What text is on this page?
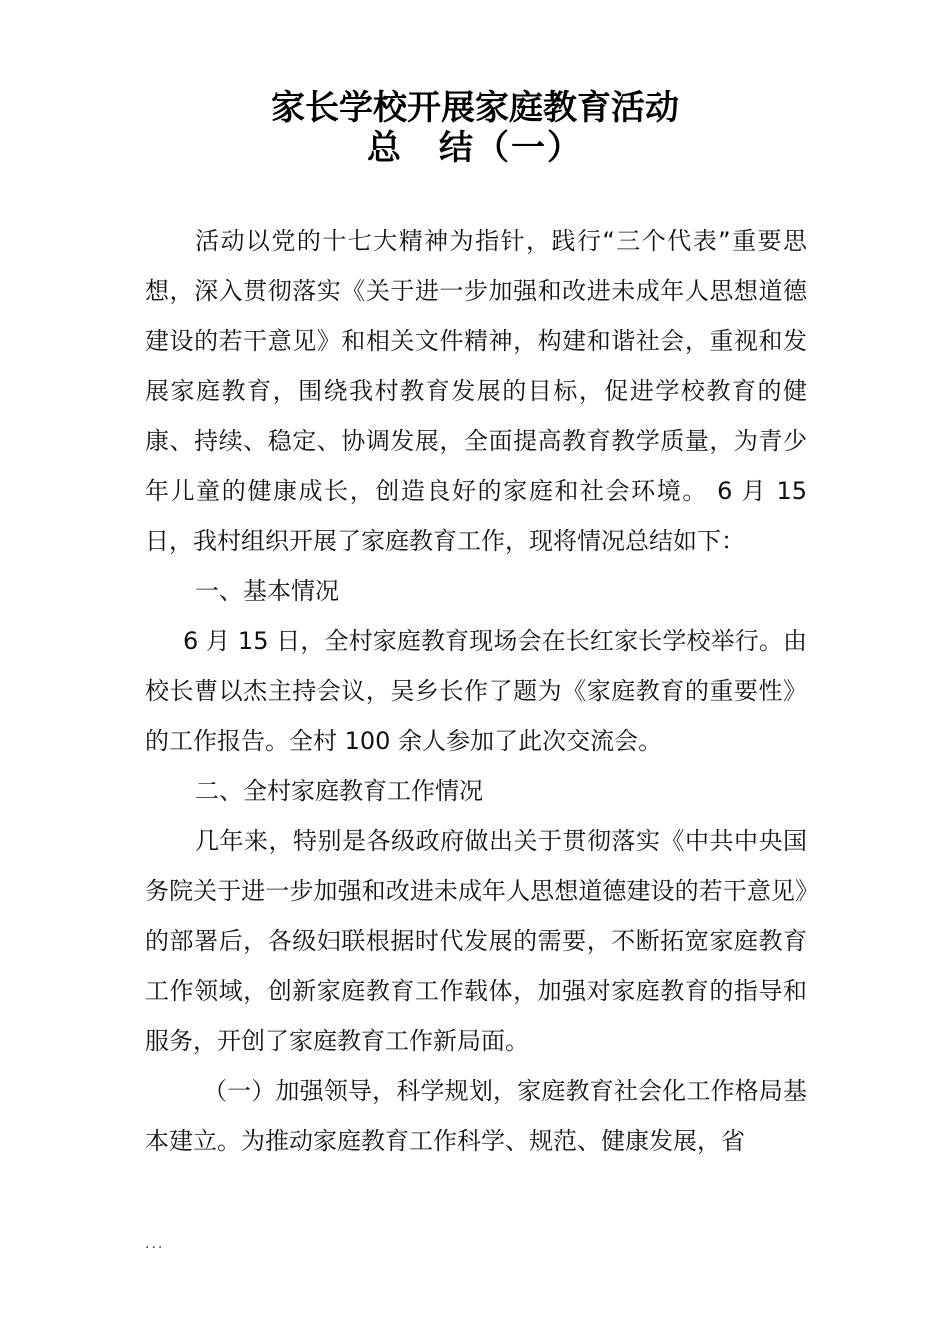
家长学校开展家庭教育活动
总　结（一）

活动以党的十七大精神为指针，践行“三个代表”重要思想，深入贯彻落实《关于进一步加强和改进未成年人思想道德建设的若干意见》和相关文件精神，构建和谐社会，重视和发展家庭教育，围绕我村教育发展的目标，促进学校教育的健康、持续、稳定、协调发展，全面提高教育教学质量，为青少年儿童的健康成长，创造良好的家庭和社会环境。 6 月 15 日，我村组织开展了家庭教育工作，现将情况总结如下：

一、基本情况

6 月 15 日，全村家庭教育现场会在长红家长学校举行。由校长曹以杰主持会议，吴乡长作了题为《家庭教育的重要性》的工作报告。全村 100 余人参加了此次交流会。

二、全村家庭教育工作情况

几年来，特别是各级政府做出关于贯彻落实《中共中央国务院关于进一步加强和改进未成年人思想道德建设的若干意见》的部署后，各级妇联根据时代发展的需要，不断拓宽家庭教育工作领域，创新家庭教育工作载体，加强对家庭教育的指导和服务，开创了家庭教育工作新局面。

（一）加强领导，科学规划，家庭教育社会化工作格局基本建立。为推动家庭教育工作科学、规范、健康发展，省

...
